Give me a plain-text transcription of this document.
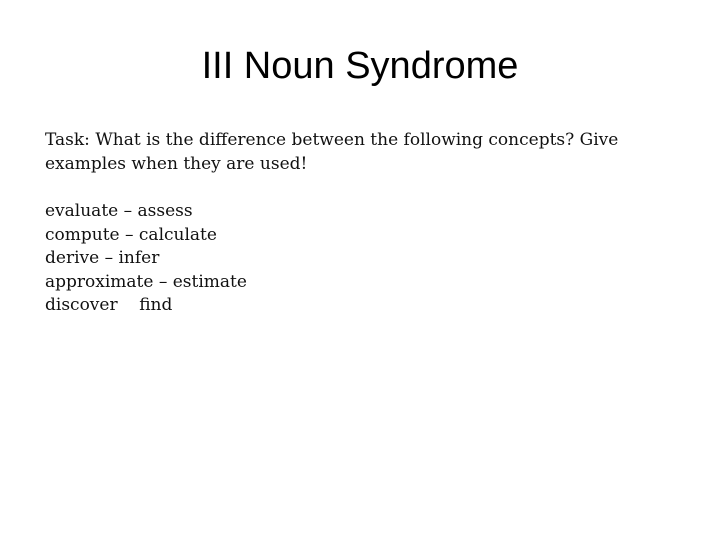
III Noun Syndrome

Task: What is the difference between the following concepts? Give examples when they are used!

evaluate – assess
compute – calculate
derive – infer
approximate – estimate
discover    find
